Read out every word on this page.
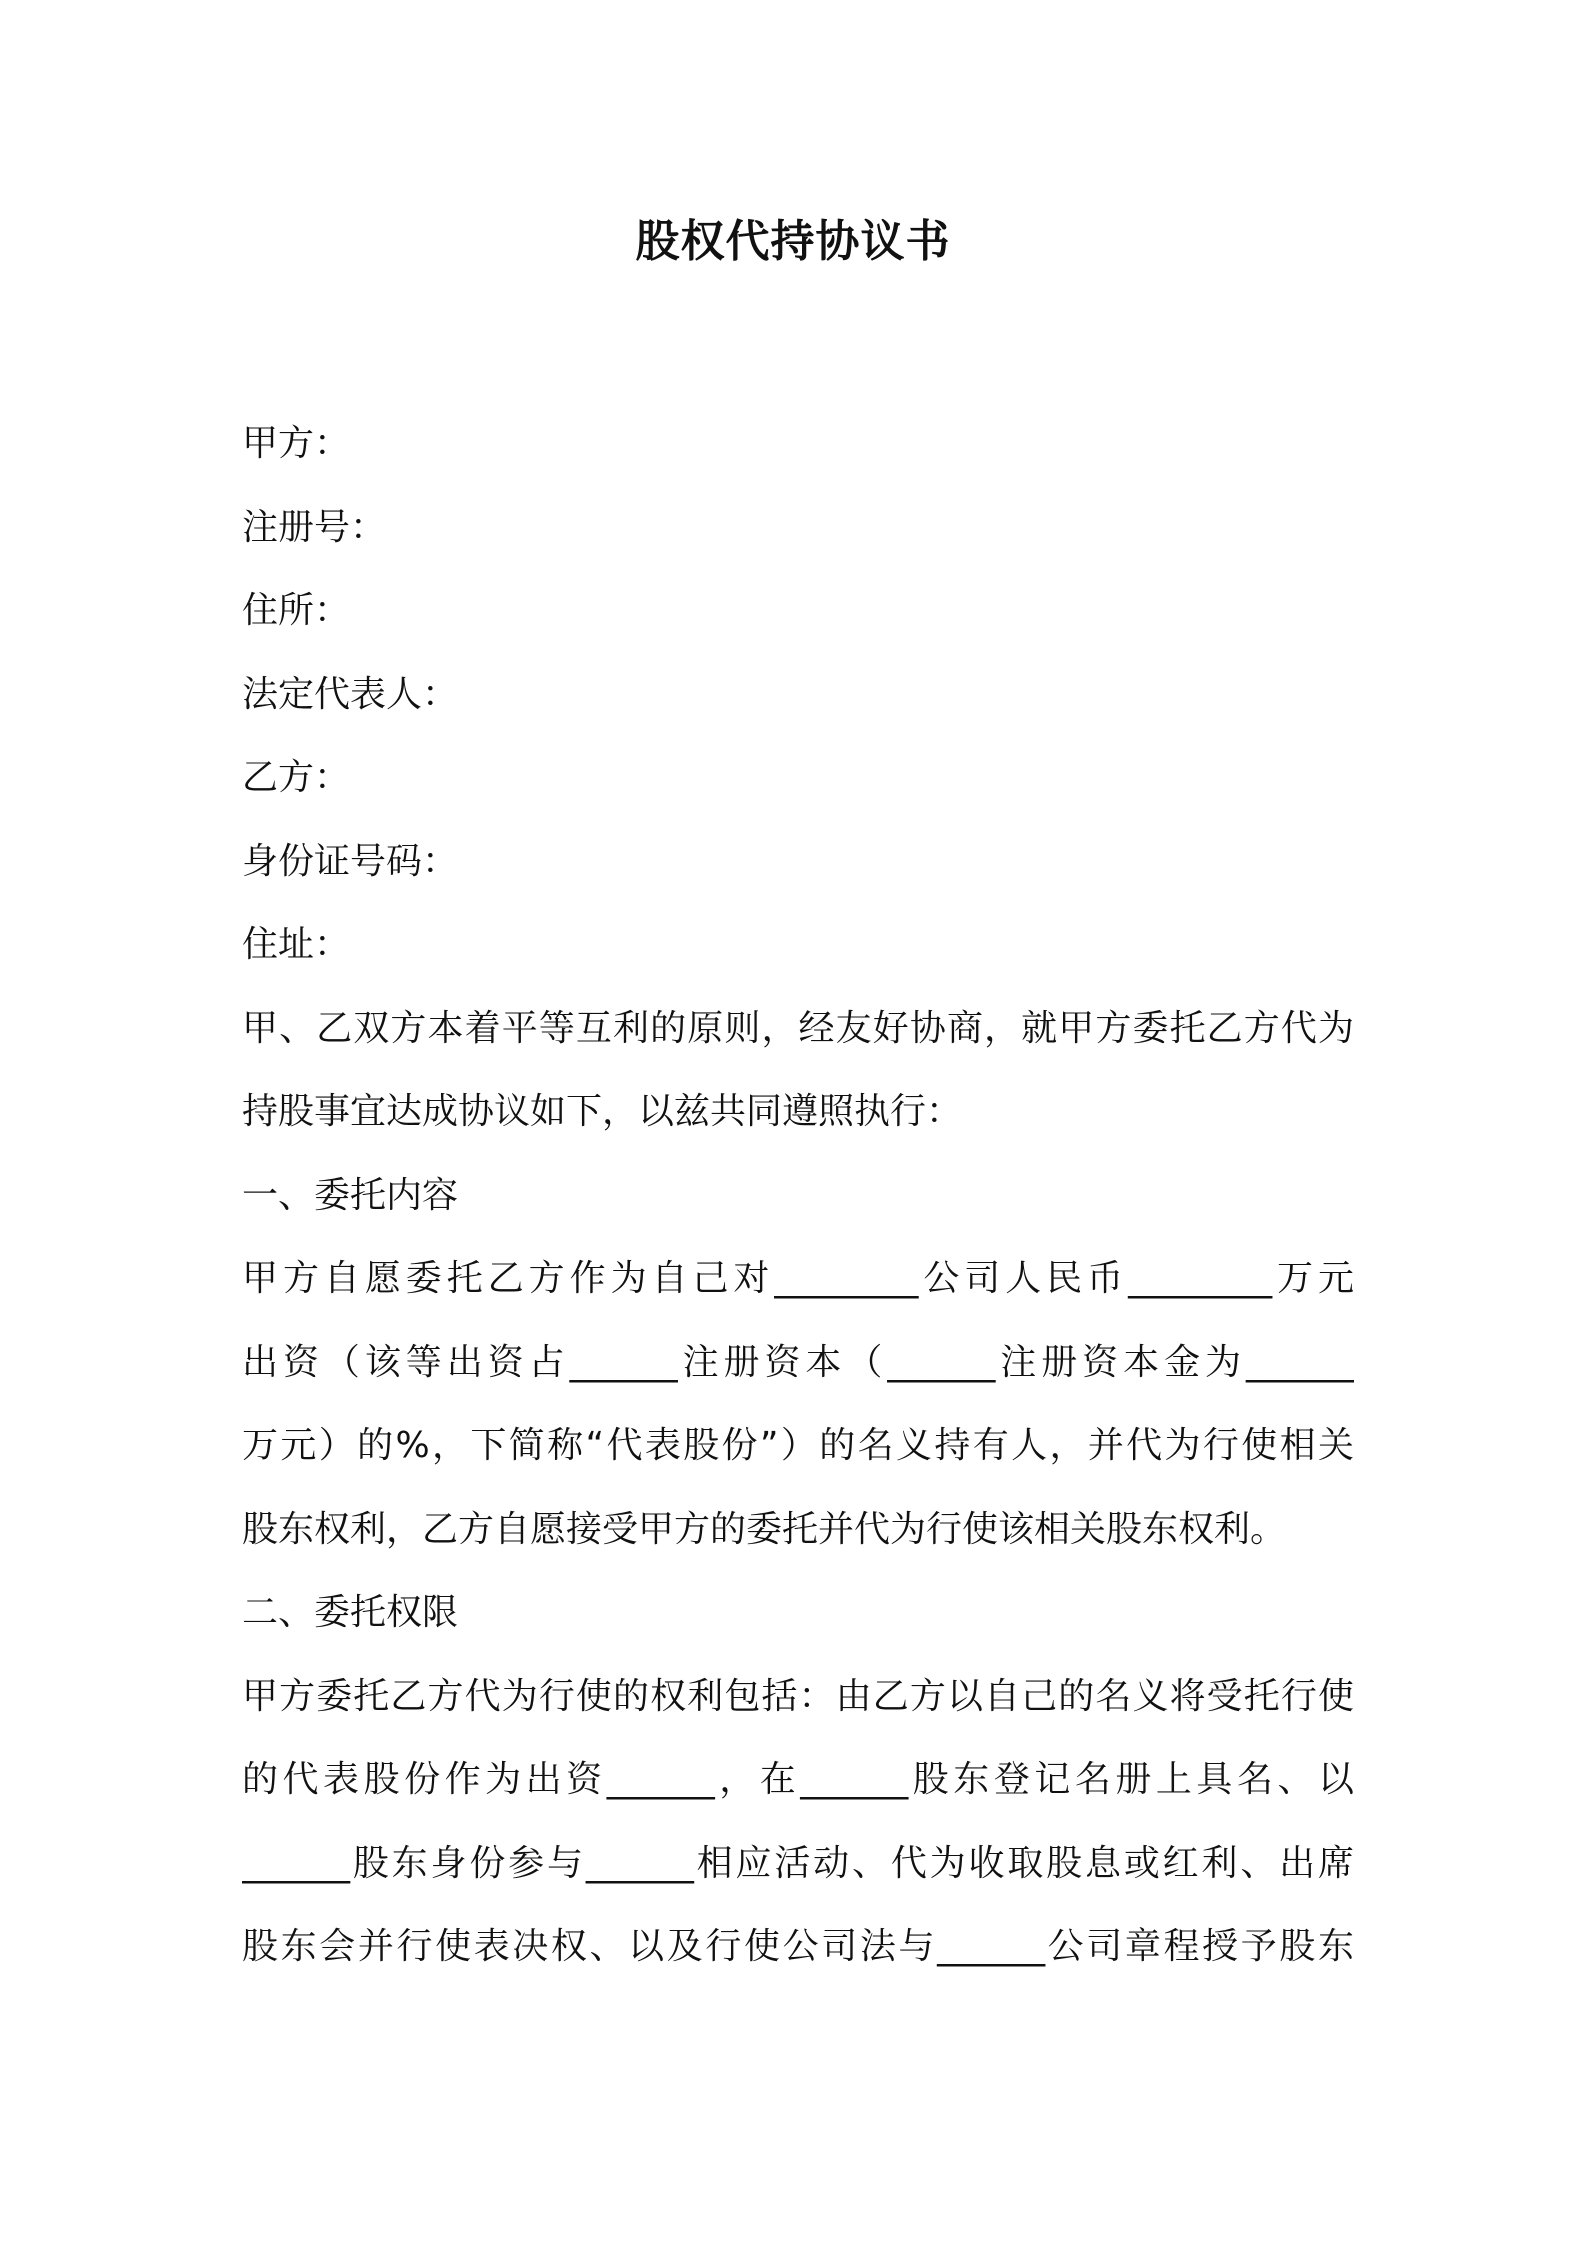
股权代持协议书
甲方：
注册号：
住所：
法定代表人：
乙方：
身份证号码：
住址：
甲、乙双方本着平等互利的原则，经友好协商，就甲方委托乙方代为
持股事宜达成协议如下，以兹共同遵照执行：
一、委托内容
甲方自愿委托乙方作为自己对________公司人民币________万元
出资（该等出资占______注册资本（______注册资本金为______
万元）的%，下简称“代表股份”）的名义持有人，并代为行使相关
股东权利，乙方自愿接受甲方的委托并代为行使该相关股东权利。
二、委托权限
甲方委托乙方代为行使的权利包括：由乙方以自己的名义将受托行使
的代表股份作为出资______，在______股东登记名册上具名、以
______股东身份参与______相应活动、代为收取股息或红利、出席
股东会并行使表决权、以及行使公司法与______公司章程授予股东
